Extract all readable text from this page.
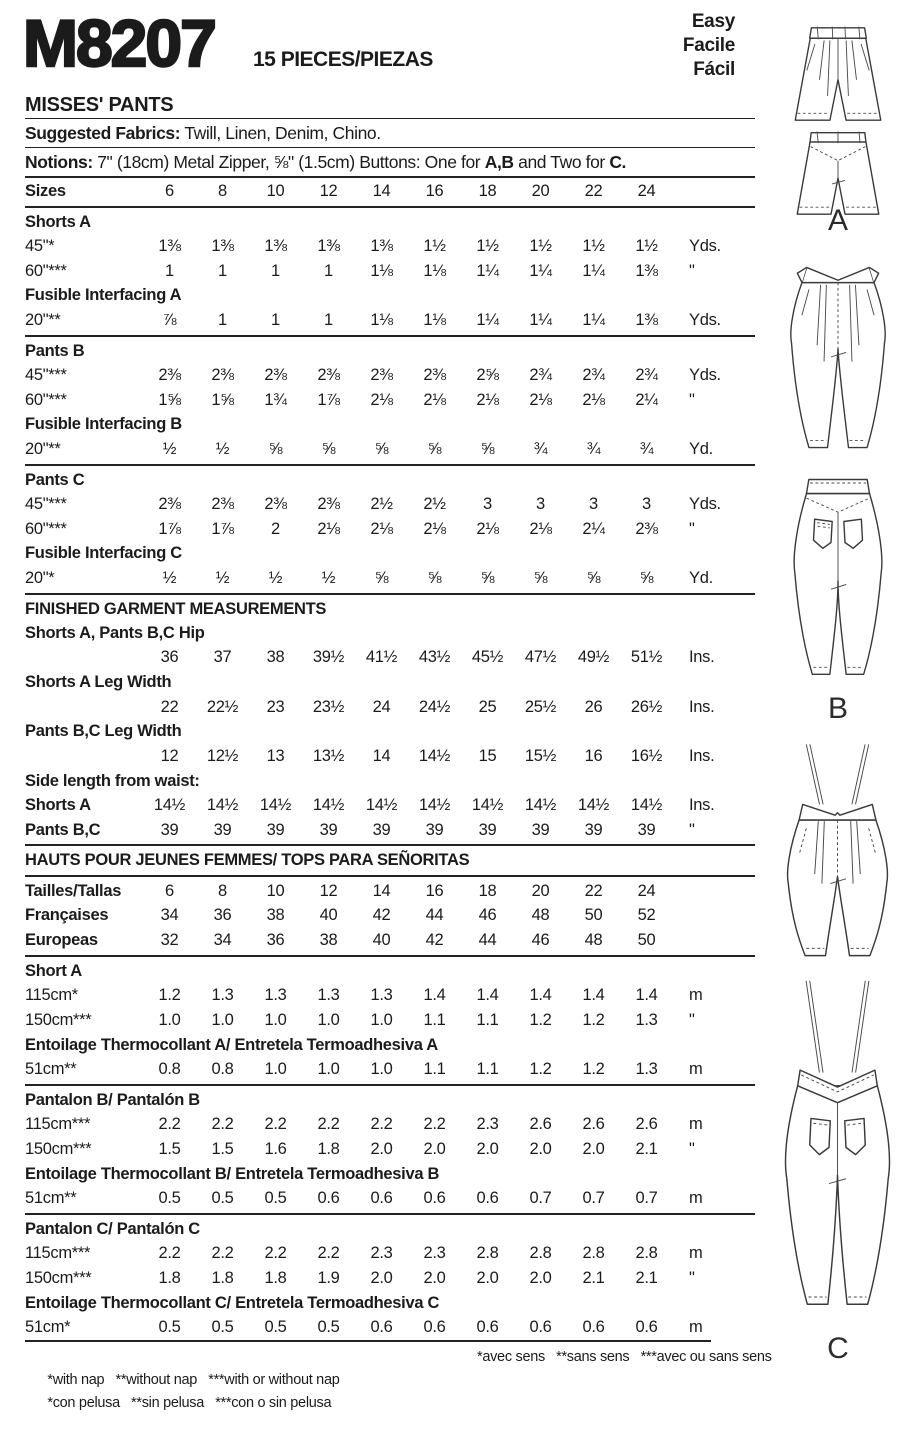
M8207 15 PIECES/PIEZAS
Easy
Facile
Fácil
MISSES' PANTS
Suggested Fabrics: Twill, Linen, Denim, Chino.
Notions: 7" (18cm) Metal Zipper, ⅝" (1.5cm) Buttons: One for A,B and Two for C.
Sizes	6	8	10	12	14	16	18	20	22	24
Shorts A
45"*	1⅜	1⅜	1⅜	1⅜	1⅜	1½	1½	1½	1½	1½	Yds.
60"***	1	1	1	1	1⅛	1⅛	1¼	1¼	1¼	1⅜	"
Fusible Interfacing A
20"**	⅞	1	1	1	1⅛	1⅛	1¼	1¼	1¼	1⅜	Yds.
Pants B
45"***	2⅜	2⅜	2⅜	2⅜	2⅜	2⅜	2⅝	2¾	2¾	2¾	Yds.
60"***	1⅝	1⅝	1¾	1⅞	2⅛	2⅛	2⅛	2⅛	2⅛	2¼	"
Fusible Interfacing B
20"**	½	½	⅝	⅝	⅝	⅝	⅝	¾	¾	¾	Yd.
Pants C
45"***	2⅜	2⅜	2⅜	2⅜	2½	2½	3	3	3	3	Yds.
60"***	1⅞	1⅞	2	2⅛	2⅛	2⅛	2⅛	2⅛	2¼	2⅜	"
Fusible Interfacing C
20"*	½	½	½	½	⅝	⅝	⅝	⅝	⅝	⅝	Yd.
FINISHED GARMENT MEASUREMENTS
Shorts A, Pants B,C Hip
36	37	38	39½	41½	43½	45½	47½	49½	51½	Ins.
Shorts A Leg Width
22	22½	23	23½	24	24½	25	25½	26	26½	Ins.
Pants B,C Leg Width
12	12½	13	13½	14	14½	15	15½	16	16½	Ins.
Side length from waist:
Shorts A	14½	14½	14½	14½	14½	14½	14½	14½	14½	14½	Ins.
Pants B,C	39	39	39	39	39	39	39	39	39	39	"
HAUTS POUR JEUNES FEMMES/ TOPS PARA SEÑORITAS
Tailles/Tallas	6	8	10	12	14	16	18	20	22	24
Françaises	34	36	38	40	42	44	46	48	50	52
Europeas	32	34	36	38	40	42	44	46	48	50
Short A
115cm*	1.2	1.3	1.3	1.3	1.3	1.4	1.4	1.4	1.4	1.4	m
150cm***	1.0	1.0	1.0	1.0	1.0	1.1	1.1	1.2	1.2	1.3	"
Entoilage Thermocollant A/ Entretela Termoadhesiva A
51cm**	0.8	0.8	1.0	1.0	1.0	1.1	1.1	1.2	1.2	1.3	m
Pantalon B/ Pantalón B
115cm***	2.2	2.2	2.2	2.2	2.2	2.2	2.3	2.6	2.6	2.6	m
150cm***	1.5	1.5	1.6	1.8	2.0	2.0	2.0	2.0	2.0	2.1	"
Entoilage Thermocollant B/ Entretela Termoadhesiva B
51cm**	0.5	0.5	0.5	0.6	0.6	0.6	0.6	0.7	0.7	0.7	m
Pantalon C/ Pantalón C
115cm***	2.2	2.2	2.2	2.2	2.3	2.3	2.8	2.8	2.8	2.8	m
150cm***	1.8	1.8	1.8	1.9	2.0	2.0	2.0	2.0	2.1	2.1	"
Entoilage Thermocollant C/ Entretela Termoadhesiva C
51cm*	0.5	0.5	0.5	0.5	0.6	0.6	0.6	0.6	0.6	0.6	m

*with nap   **without nap   ***with or without nap

*avec sens   **sans sens   ***avec ou sans sens

*con pelusa   **sin pelusa   ***con o sin pelusa

A
B
C
